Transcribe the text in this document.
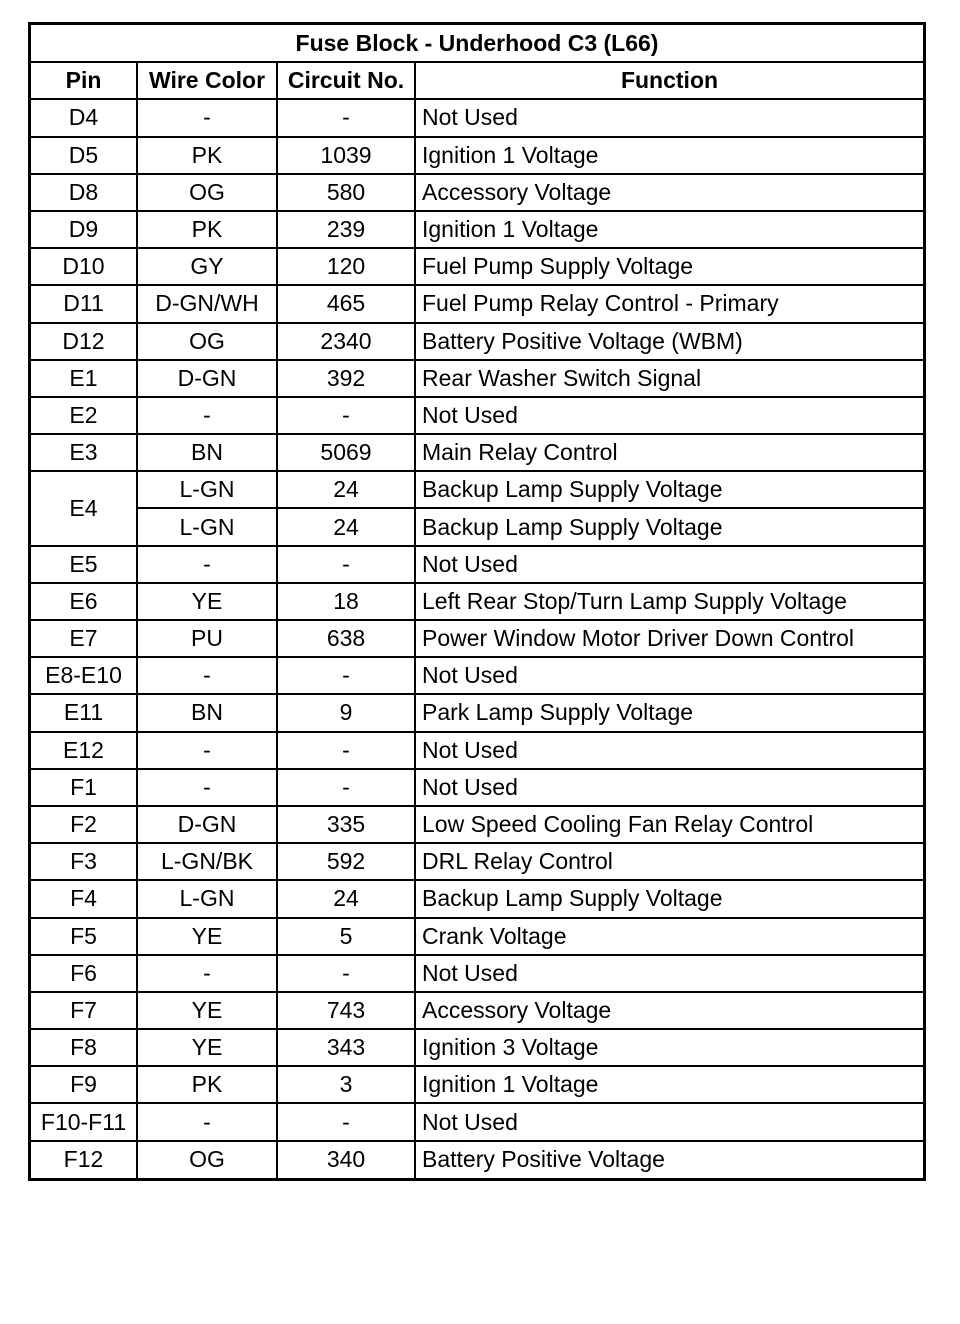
Fuse Block - Underhood C3 (L66)			
Pin	Wire Color	Circuit No.	Function
D4	-	-	Not Used
D5	PK	1039	Ignition 1 Voltage
D8	OG	580	Accessory Voltage
D9	PK	239	Ignition 1 Voltage
D10	GY	120	Fuel Pump Supply Voltage
D11	D-GN/WH	465	Fuel Pump Relay Control - Primary
D12	OG	2340	Battery Positive Voltage (WBM)
E1	D-GN	392	Rear Washer Switch Signal
E2	-	-	Not Used
E3	BN	5069	Main Relay Control
E4	L-GN	24	Backup Lamp Supply Voltage
	L-GN	24	Backup Lamp Supply Voltage
E5	-	-	Not Used
E6	YE	18	Left Rear Stop/Turn Lamp Supply Voltage
E7	PU	638	Power Window Motor Driver Down Control
E8-E10	-	-	Not Used
E11	BN	9	Park Lamp Supply Voltage
E12	-	-	Not Used
F1	-	-	Not Used
F2	D-GN	335	Low Speed Cooling Fan Relay Control
F3	L-GN/BK	592	DRL Relay Control
F4	L-GN	24	Backup Lamp Supply Voltage
F5	YE	5	Crank Voltage
F6	-	-	Not Used
F7	YE	743	Accessory Voltage
F8	YE	343	Ignition 3 Voltage
F9	PK	3	Ignition 1 Voltage
F10-F11	-	-	Not Used
F12	OG	340	Battery Positive Voltage
